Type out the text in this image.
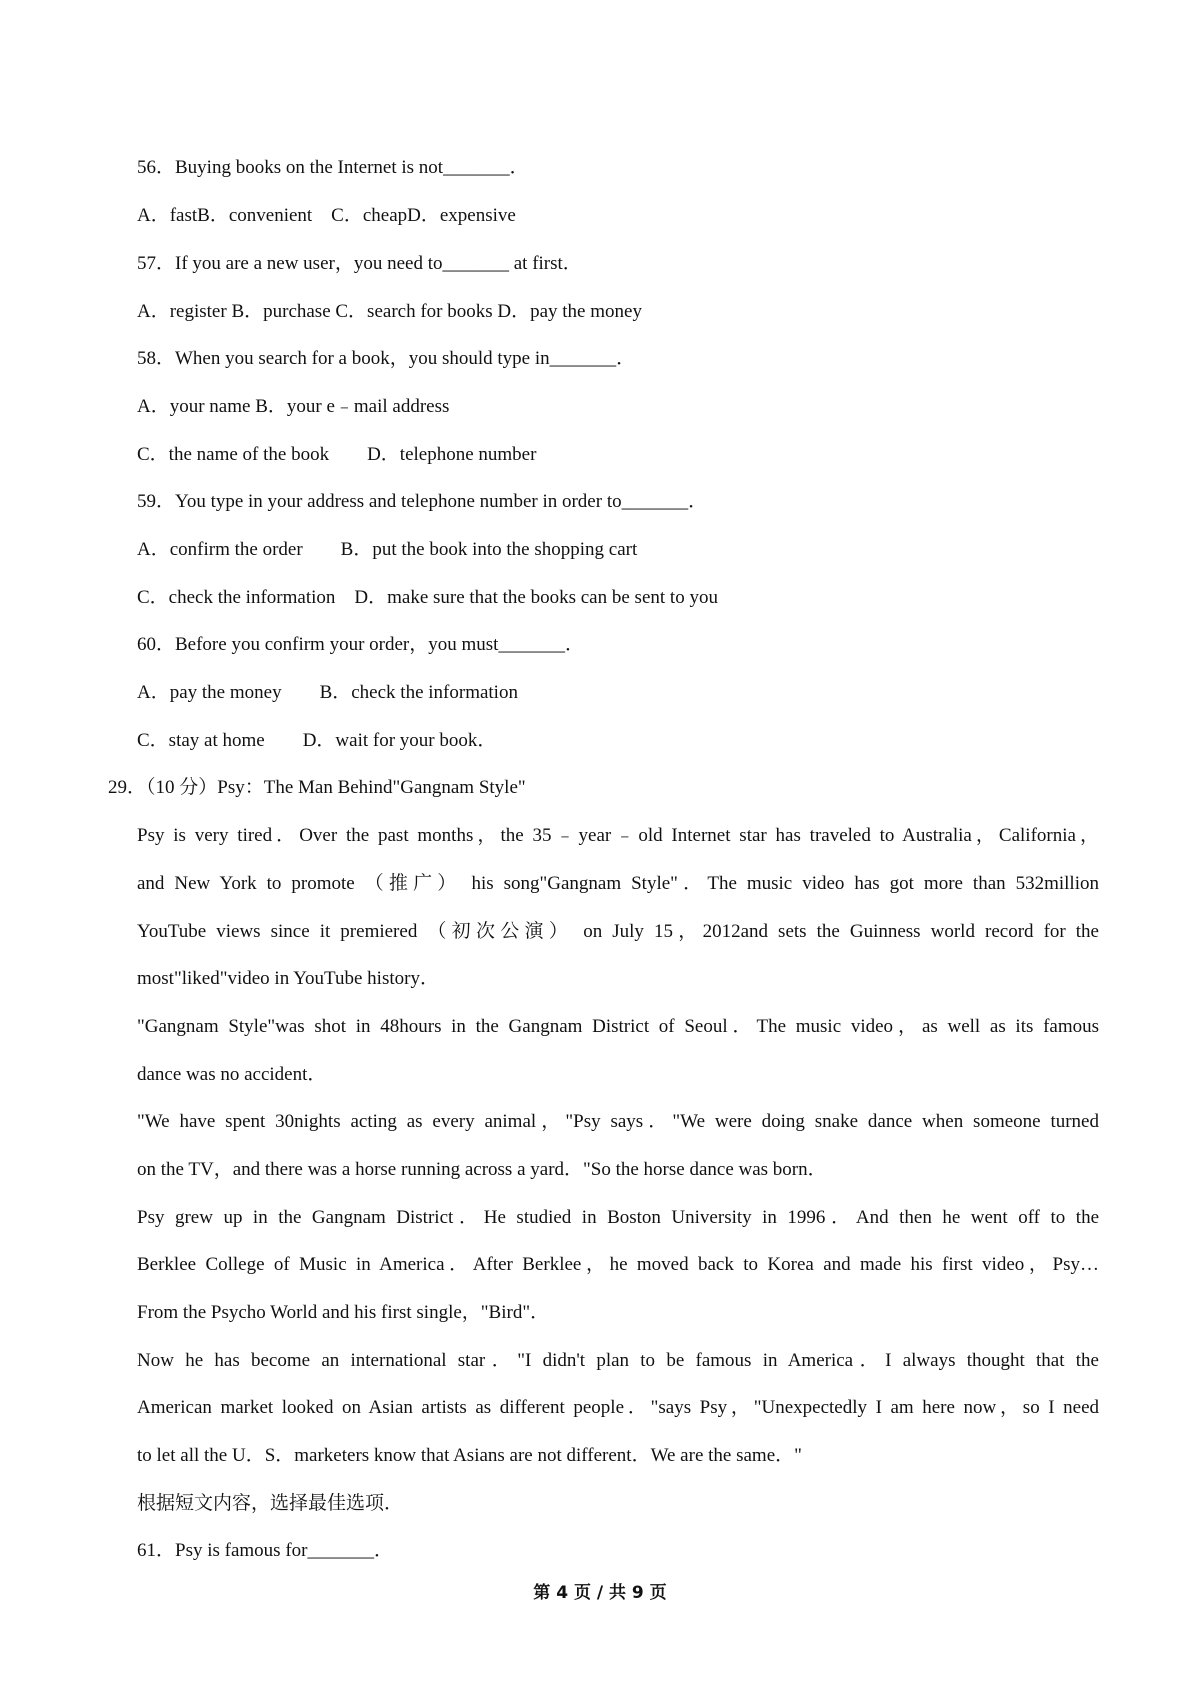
56．Buying books on the Internet is not_______．
A．fastB．convenient　C．cheapD．expensive
57．If you are a new user，you need to_______ at first．
A．register B．purchase C．search for books D．pay the money
58．When you search for a book，you should type in_______．
A．your name B．your e﹣mail address
C．the name of the book　　D．telephone number
59．You type in your address and telephone number in order to_______．
A．confirm the order　　B．put the book into the shopping cart
C．check the information　D．make sure that the books can be sent to you
60．Before you confirm your order，you must_______．
A．pay the money　　B．check the information
C．stay at home　　D．wait for your book．
29．（10 分）Psy：The Man Behind"Gangnam Style"
Psy is very tired．Over the past months，the 35﹣year﹣old Internet star has traveled to Australia，California，
and New York to promote （推广） his song"Gangnam Style"．The music video has got more than 532million
YouTube views since it premiered （初次公演） on July 15，2012and sets the Guinness world record for the
most"liked"video in YouTube history．
"Gangnam Style"was shot in 48hours in the Gangnam District of Seoul．The music video，as well as its famous
dance was no accident．
"We have spent 30nights acting as every animal，"Psy says．"We were doing snake dance when someone turned
on the TV，and there was a horse running across a yard．"So the horse dance was born．
Psy grew up in the Gangnam District．He studied in Boston University in 1996．And then he went off to the
Berklee College of Music in America．After Berklee，he moved back to Korea and made his first video，Psy…
From the Psycho World and his first single，"Bird"．
Now he has become an international star．"I didn't plan to be famous in America．I always thought that the
American market looked on Asian artists as different people．"says Psy，"Unexpectedly I am here now，so I need
to let all the U．S．marketers know that Asians are not different．We are the same．"
根据短文内容，选择最佳选项．
61．Psy is famous for_______．
第 4 页 / 共 9 页
